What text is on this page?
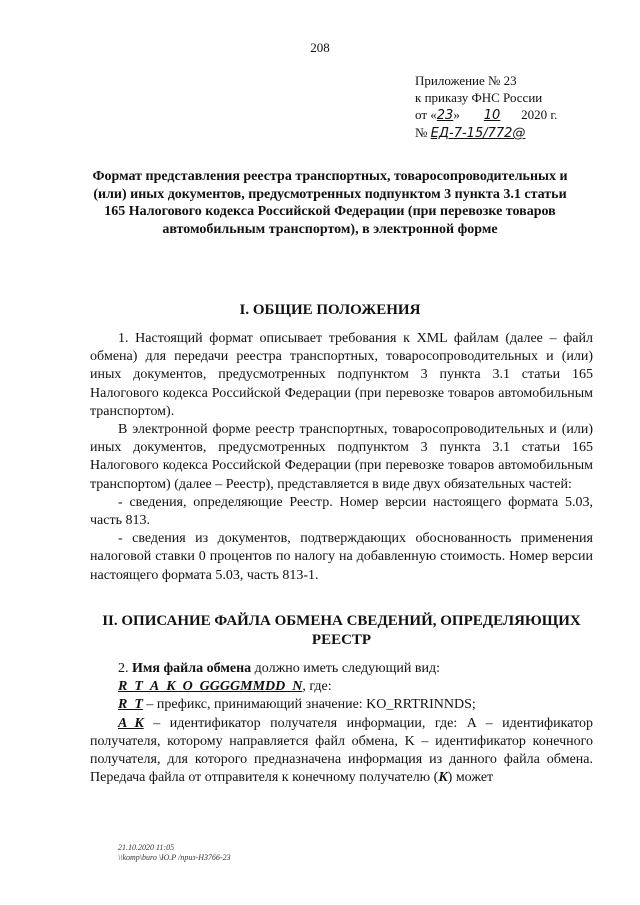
208
Приложение № 23
к приказу ФНС России
от «23» 10 2020 г.
№ ЕД-7-15/772@
Формат представления реестра транспортных, товаросопроводительных и (или) иных документов, предусмотренных подпунктом 3 пункта 3.1 статьи 165 Налогового кодекса Российской Федерации (при перевозке товаров автомобильным транспортом), в электронной форме
I. ОБЩИЕ ПОЛОЖЕНИЯ

1. Настоящий формат описывает требования к XML файлам (далее – файл обмена) для передачи реестра транспортных, товаросопроводительных и (или) иных документов, предусмотренных подпунктом 3 пункта 3.1 статьи 165 Налогового кодекса Российской Федерации (при перевозке товаров автомобильным транспортом).

В электронной форме реестр транспортных, товаросопроводительных и (или) иных документов, предусмотренных подпунктом 3 пункта 3.1 статьи 165 Налогового кодекса Российской Федерации (при перевозке товаров автомобильным транспортом) (далее – Реестр), представляется в виде двух обязательных частей:

- сведения, определяющие Реестр. Номер версии настоящего формата 5.03, часть 813.

- сведения из документов, подтверждающих обоснованность применения налоговой ставки 0 процентов по налогу на добавленную стоимость. Номер версии настоящего формата 5.03, часть 813-1.

II. ОПИСАНИЕ ФАЙЛА ОБМЕНА СВЕДЕНИЙ, ОПРЕДЕЛЯЮЩИХ РЕЕСТР

2. Имя файла обмена должно иметь следующий вид:

R_T_A_K_O_GGGGMMDD_N, где:

R_T – префикс, принимающий значение: KO_RRTRINNDS;

A_K – идентификатор получателя информации, где: A – идентификатор получателя, которому направляется файл обмена, K – идентификатор конечного получателя, для которого предназначена информация из данного файла обмена. Передача файла от отправителя к конечному получателю (K) может

21.10.2020 11:05
\\komp\buro \Ю.Р /приз-НЗ766-23
